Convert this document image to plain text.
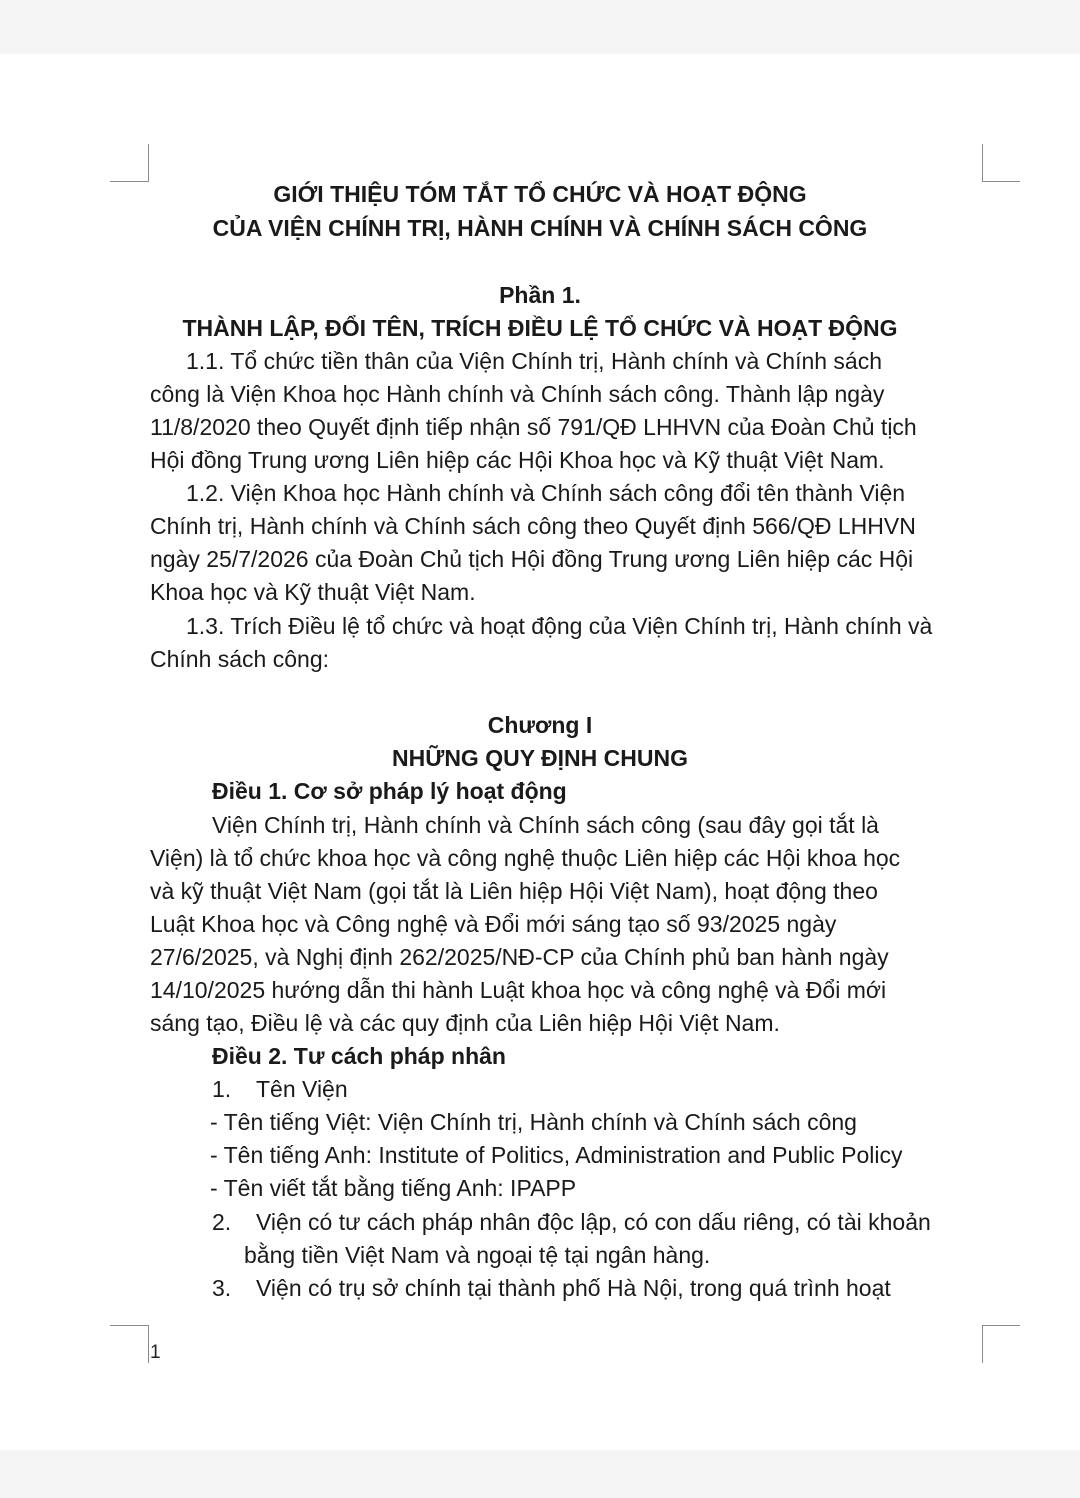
GIỚI THIỆU TÓM TẮT TỔ CHỨC VÀ HOẠT ĐỘNG
CỦA VIỆN CHÍNH TRỊ, HÀNH CHÍNH VÀ CHÍNH SÁCH CÔNG
Phần 1.
THÀNH LẬP, ĐỔI TÊN, TRÍCH ĐIỀU LỆ TỔ CHỨC VÀ HOẠT ĐỘNG
1.1. Tổ chức tiền thân của Viện Chính trị, Hành chính và Chính sách
công là Viện Khoa học Hành chính và Chính sách công. Thành lập ngày
11/8/2020 theo Quyết định tiếp nhận số 791/QĐ LHHVN của Đoàn Chủ tịch
Hội đồng Trung ương Liên hiệp các Hội Khoa học và Kỹ thuật Việt Nam.
1.2. Viện Khoa học Hành chính và Chính sách công đổi tên thành Viện
Chính trị, Hành chính và Chính sách công theo Quyết định 566/QĐ LHHVN
ngày 25/7/2026 của Đoàn Chủ tịch Hội đồng Trung ương Liên hiệp các Hội
Khoa học và Kỹ thuật Việt Nam.
1.3. Trích Điều lệ tổ chức và hoạt động của Viện Chính trị, Hành chính và
Chính sách công:
Chương I
NHỮNG QUY ĐỊNH CHUNG
Điều 1. Cơ sở pháp lý hoạt động
Viện Chính trị, Hành chính và Chính sách công (sau đây gọi tắt là
Viện) là tổ chức khoa học và công nghệ thuộc Liên hiệp các Hội khoa học
và kỹ thuật Việt Nam (gọi tắt là Liên hiệp Hội Việt Nam), hoạt động theo
Luật Khoa học và Công nghệ và Đổi mới sáng tạo số 93/2025 ngày
27/6/2025, và Nghị định 262/2025/NĐ-CP của Chính phủ ban hành ngày
14/10/2025 hướng dẫn thi hành Luật khoa học và công nghệ và Đổi mới
sáng tạo, Điều lệ và các quy định của Liên hiệp Hội Việt Nam.
Điều 2. Tư cách pháp nhân
1. Tên Viện
- Tên tiếng Việt: Viện Chính trị, Hành chính và Chính sách công
- Tên tiếng Anh: Institute of Politics, Administration and Public Policy
- Tên viết tắt bằng tiếng Anh: IPAPP
2. Viện có tư cách pháp nhân độc lập, có con dấu riêng, có tài khoản
bằng tiền Việt Nam và ngoại tệ tại ngân hàng.
3. Viện có trụ sở chính tại thành phố Hà Nội, trong quá trình hoạt
1
